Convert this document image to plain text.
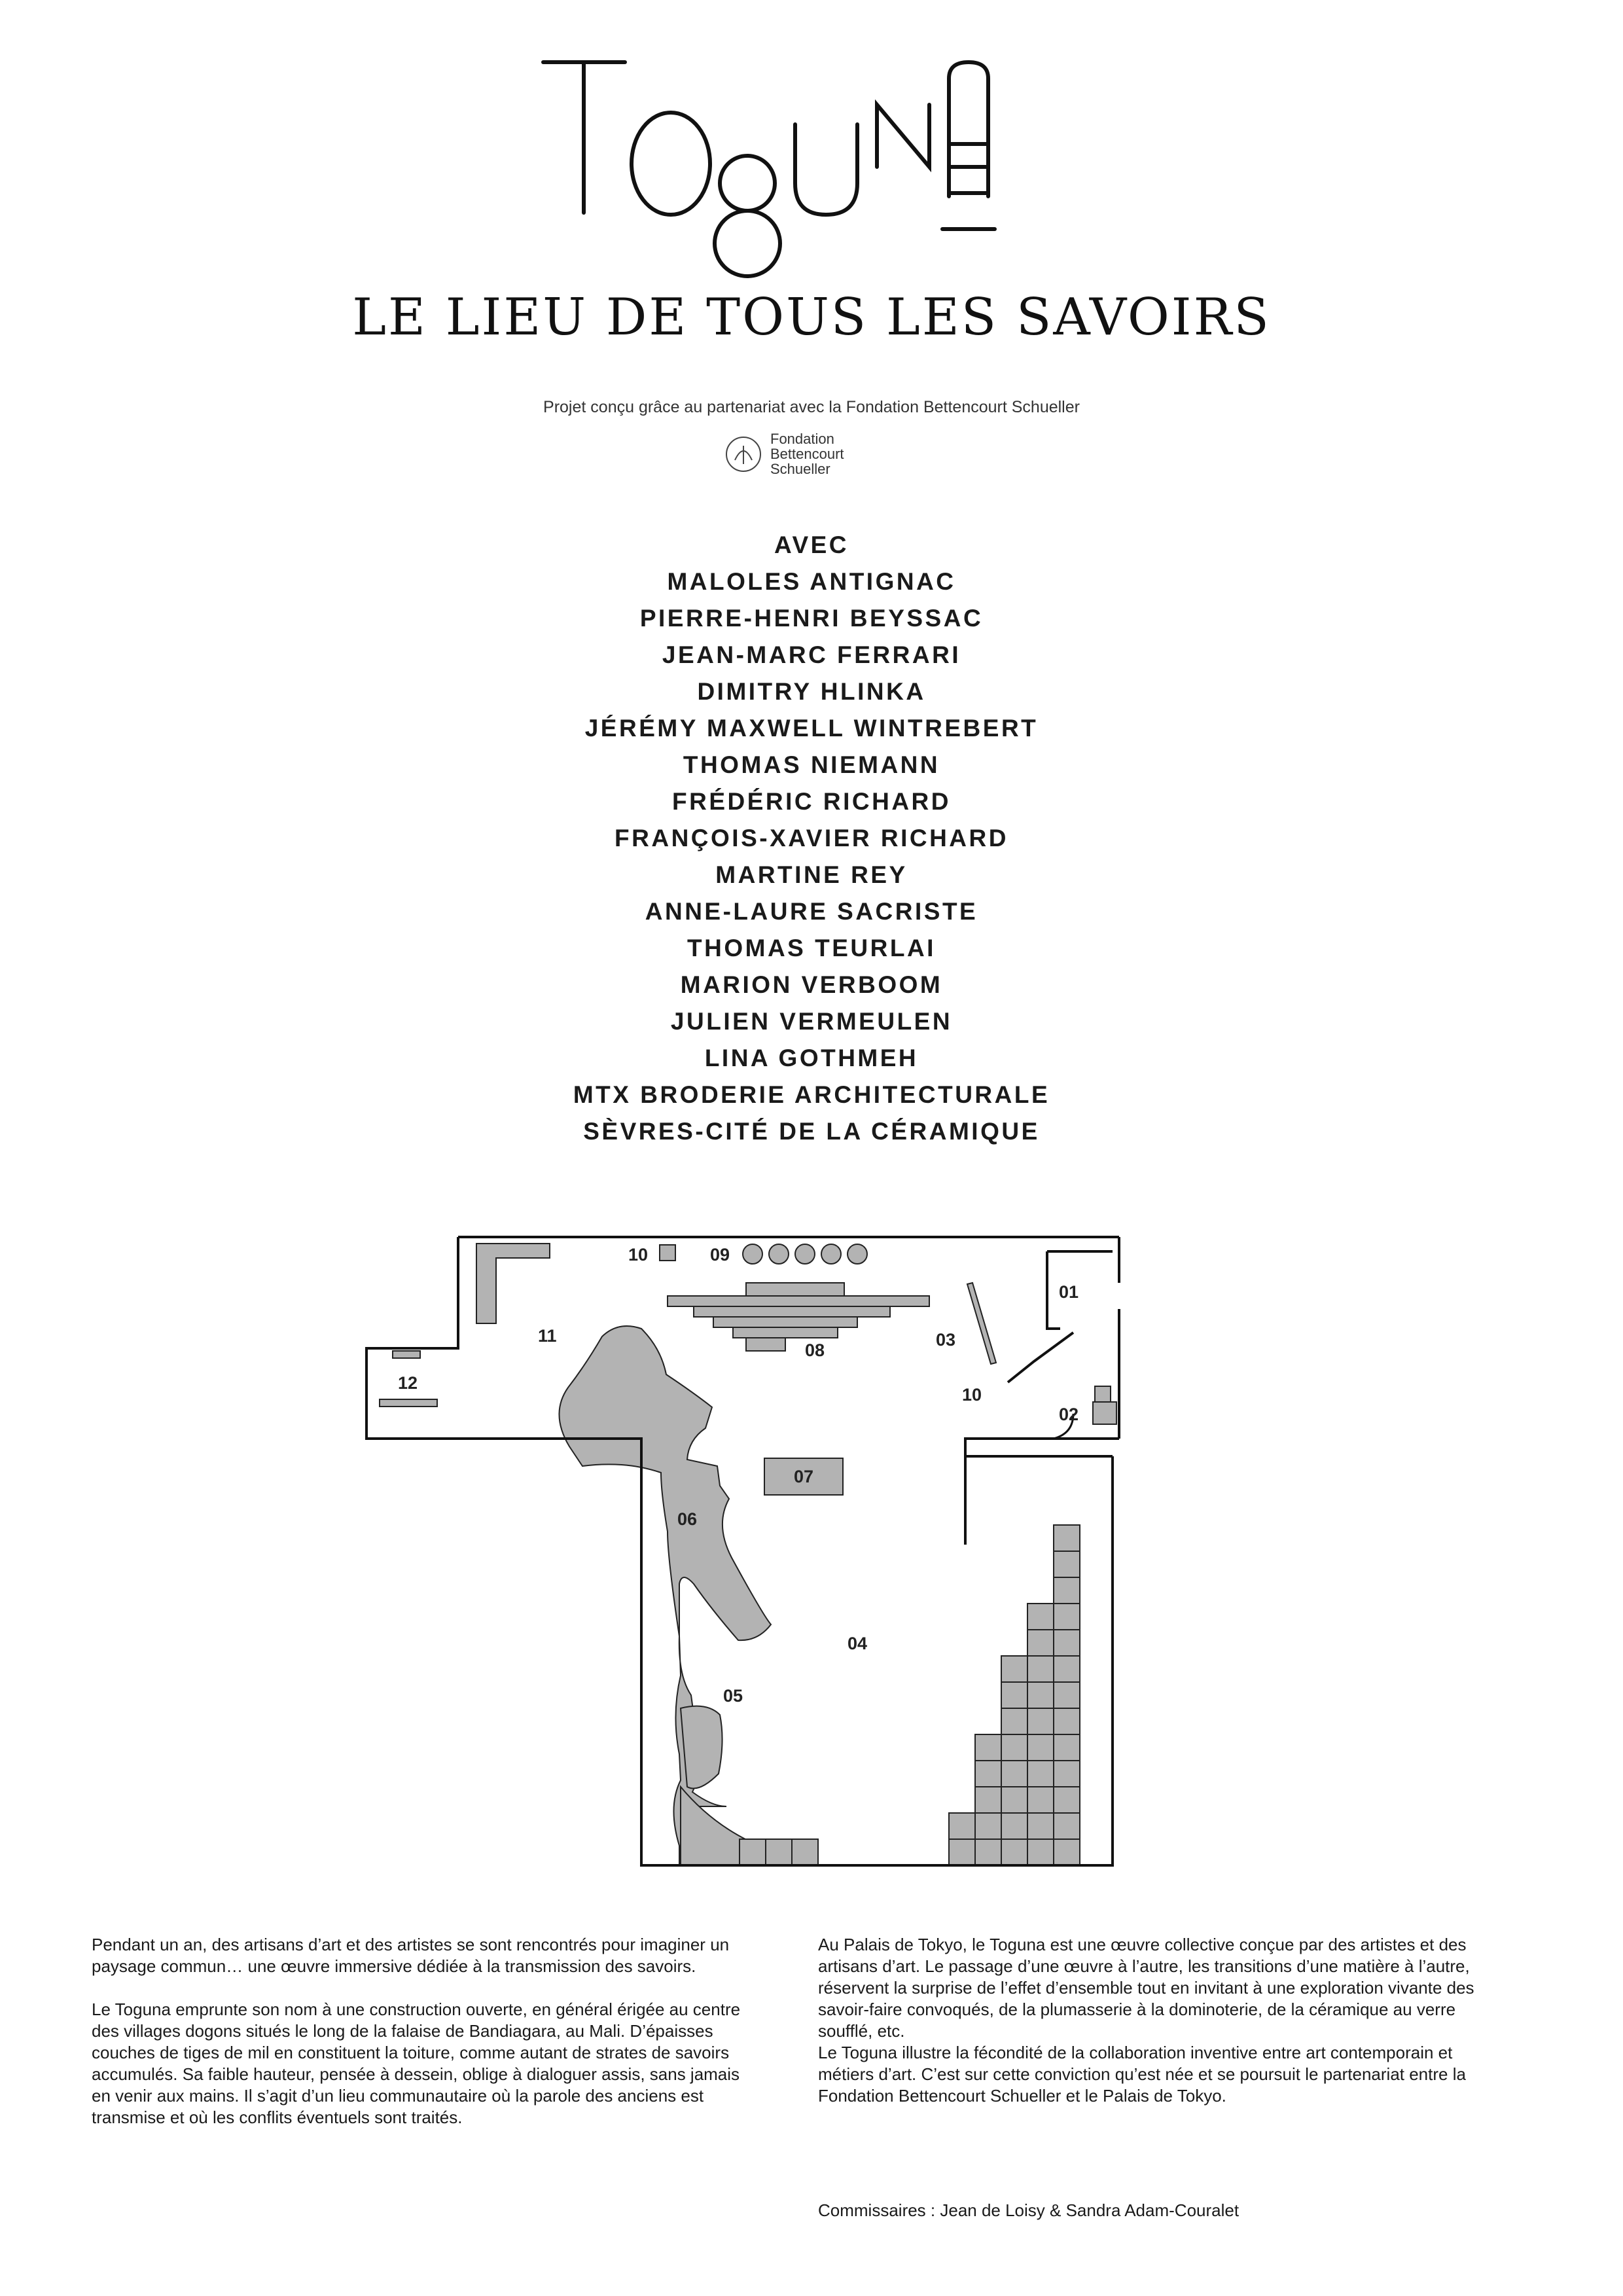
LE LIEU DE TOUS LES SAVOIRS
Projet conçu grâce au partenariat avec la Fondation Bettencourt Schueller
Fondation
Bettencourt
Schueller
AVEC
MALOLES ANTIGNAC
PIERRE-HENRI BEYSSAC
JEAN-MARC FERRARI
DIMITRY HLINKA
JÉRÉMY MAXWELL WINTREBERT
THOMAS NIEMANN
FRÉDÉRIC RICHARD
FRANÇOIS-XAVIER RICHARD
MARTINE REY
ANNE-LAURE SACRISTE
THOMAS TEURLAI
MARION VERBOOM
JULIEN VERMEULEN
LINA GOTHMEH
MTX BRODERIE ARCHITECTURALE
SÈVRES-CITÉ DE LA CÉRAMIQUE
01
02
03
04
05
06
07
08
09
10
10
11
12

Pendant un an, des artisans d’art et des artistes se sont rencontrés pour imaginer un paysage commun… une œuvre immersive dédiée à la transmission des savoirs.

Le Toguna emprunte son nom à une construction ouverte, en général érigée au centre des villages dogons situés le long de la falaise de Bandiagara, au Mali. D’épaisses couches de tiges de mil en constituent la toiture, comme autant de strates de savoirs accumulés. Sa faible hauteur, pensée à dessein, oblige à dialoguer assis, sans jamais en venir aux mains. Il s’agit d’un lieu communautaire où la parole des anciens est transmise et où les conflits éventuels sont traités.

Au Palais de Tokyo, le Toguna est une œuvre collective conçue par des artistes et des artisans d’art. Le passage d’une œuvre à l’autre, les transitions d’une matière à l’autre, réservent la surprise de l’effet d’ensemble tout en invitant à une exploration vivante des savoir-faire convoqués, de la plumasserie à la dominoterie, de la céramique au verre soufflé, etc.

Le Toguna illustre la fécondité de la collaboration inventive entre art contemporain et métiers d’art. C’est sur cette conviction qu’est née et se poursuit le partenariat entre la Fondation Bettencourt Schueller et le Palais de Tokyo.

Commissaires : Jean de Loisy & Sandra Adam-Couralet
